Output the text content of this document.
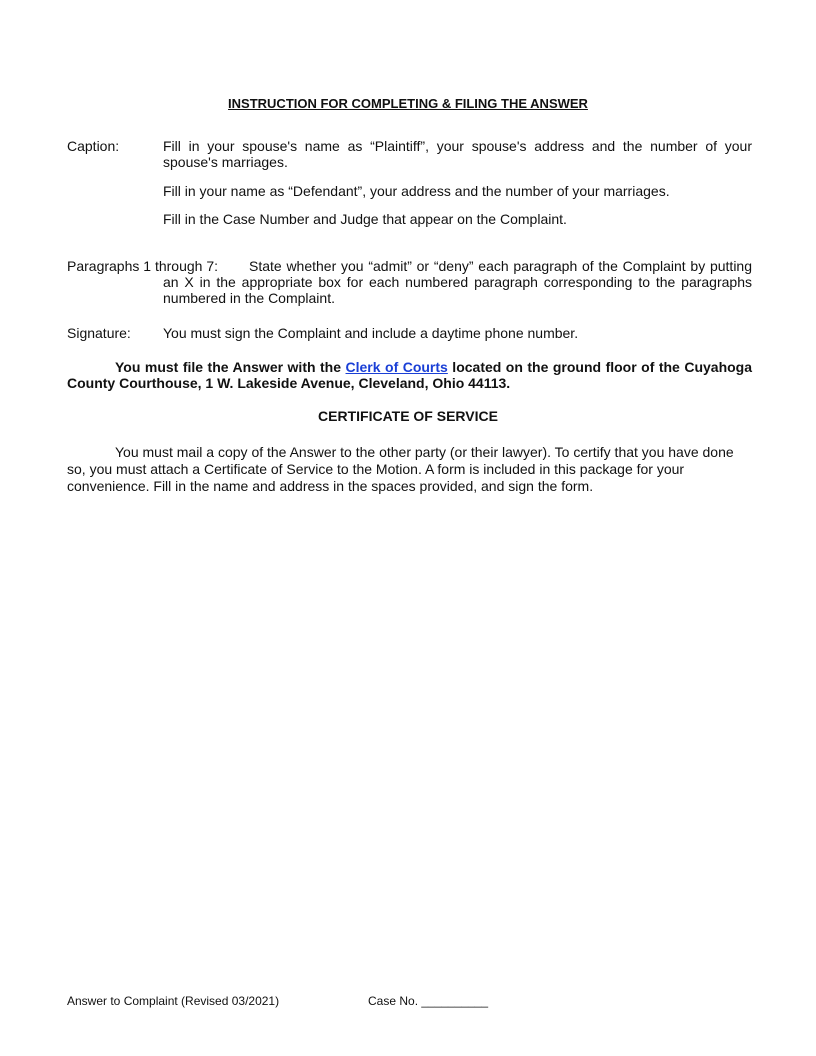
INSTRUCTION FOR COMPLETING & FILING THE ANSWER
Caption:	Fill in your spouse's name as “Plaintiff”, your spouse's address and the number of your spouse's marriages.
Fill in your name as “Defendant”, your address and the number of your marriages.
Fill in the Case Number and Judge that appear on the Complaint.
Paragraphs 1 through 7:	State whether you “admit” or “deny” each paragraph of the Complaint by putting an X in the appropriate box for each numbered paragraph corresponding to the paragraphs numbered in the Complaint.
Signature: You must sign the Complaint and include a daytime phone number.
You must file the Answer with the Clerk of Courts located on the ground floor of the Cuyahoga County Courthouse, 1 W. Lakeside Avenue, Cleveland, Ohio 44113.
CERTIFICATE OF SERVICE
You must mail a copy of the Answer to the other party (or their lawyer). To certify that you have done so, you must attach a Certificate of Service to the Motion. A form is included in this package for your convenience. Fill in the name and address in the spaces provided, and sign the form.
Answer to Complaint (Revised 03/2021)	Case No. __________
